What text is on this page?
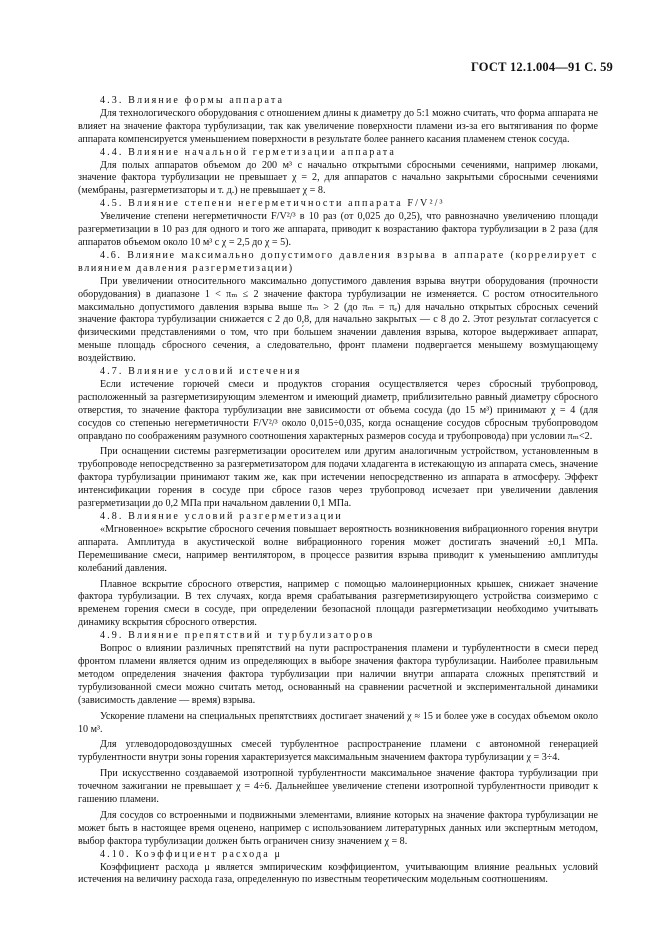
ГОСТ 12.1.004—91 С. 59

4.3. Влияние формы аппарата

Для технологического оборудования с отношением длины к диаметру до 5:1 можно считать, что форма аппарата не влияет на значение фактора турбулизации, так как увеличение поверхности пламени из-за его вытягивания по форме аппарата компенсируется уменьшением поверхности в результате более раннего касания пламенем стенок сосуда.

4.4. Влияние начальной герметизации аппарата

Для полых аппаратов объемом до 200 м³ с начально открытыми сбросными сечениями, например люками, значение фактора турбулизации не превышает χ = 2, для аппаратов с начально закрытыми сбросными сечениями (мембраны, разгерметизаторы и т. д.) не превышает χ = 8.

4.5. Влияние степени негерметичности аппарата F/V²/³

Увеличение степени негерметичности F/V²/³ в 10 раз (от 0,025 до 0,25), что равнозначно увеличению площади разгерметизации в 10 раз для одного и того же аппарата, приводит к возрастанию фактора турбулизации в 2 раза (для аппаратов объемом около 10 м³ с χ = 2,5 до χ = 5).

4.6. Влияние максимально допустимого давления взрыва в аппарате (коррелирует с влиянием давления разгерметизации)

При увеличении относительного максимально допустимого давления взрыва внутри оборудования (прочности оборудования) в диапазоне 1 < πₘ ≤ 2 значение фактора турбулизации не изменяется. С ростом относительного максимально допустимого давления взрыва выше πₘ > 2 (до πₘ = πₑ) для начально открытых сбросных сечений значение фактора турбулизации снижается с 2 до 0,8, для начально закрытых — с 8 до 2. Этот результат согласуется с физическими представлениями о том, что при бо́льшем значении давления взрыва, которое выдерживает аппарат, меньше площадь сбросного сечения, а следовательно, фронт пламени подвергается меньшему возмущающему воздействию.

4.7. Влияние условий истечения

Если истечение горючей смеси и продуктов сгорания осуществляется через сбросный трубопровод, расположенный за разгерметизирующим элементом и имеющий диаметр, приблизительно равный диаметру сбросного отверстия, то значение фактора турбулизации вне зависимости от объема сосуда (до 15 м³) принимают χ = 4 (для сосудов со степенью негерметичности F/V²/³ около 0,015÷0,035, когда оснащение сосудов сбросным трубопроводом оправдано по соображениям разумного соотношения характерных размеров сосуда и трубопровода) при условии πₘ<2.

При оснащении системы разгерметизации оросителем или другим аналогичным устройством, установленным в трубопроводе непосредственно за разгерметизатором для подачи хладагента в истекающую из аппарата смесь, значение фактора турбулизации принимают таким же, как при истечении непосредственно из аппарата в атмосферу. Эффект интенсификации горения в сосуде при сбросе газов через трубопровод исчезает при увеличении давления разгерметизации до 0,2 МПа при начальном давлении 0,1 МПа.

4.8. Влияние условий разгерметизации

«Мгновенное» вскрытие сбросного сечения повышает вероятность возникновения вибрационного горения внутри аппарата. Амплитуда в акустической волне вибрационного горения может достигать значений ±0,1 МПа. Перемешивание смеси, например вентилятором, в процессе развития взрыва приводит к уменьшению амплитуды колебаний давления.

Плавное вскрытие сбросного отверстия, например с помощью малоинерционных крышек, снижает значение фактора турбулизации. В тех случаях, когда время срабатывания разгерметизирующего устройства соизмеримо с временем горения смеси в сосуде, при определении безопасной площади разгерметизации необходимо учитывать динамику вскрытия сбросного отверстия.

4.9. Влияние препятствий и турбулизаторов

Вопрос о влиянии различных препятствий на пути распространения пламени и турбулентности в смеси перед фронтом пламени является одним из определяющих в выборе значения фактора турбулизации. Наиболее правильным методом определения значения фактора турбулизации при наличии внутри аппарата сложных препятствий и турбулизованной смеси можно считать метод, основанный на сравнении расчетной и экспериментальной динамики (зависимость давление — время) взрыва.

Ускорение пламени на специальных препятствиях достигает значений χ ≈ 15 и более уже в сосудах объемом около 10 м³.

Для углеводородовоздушных смесей турбулентное распространение пламени с автономной генерацией турбулентности внутри зоны горения характеризуется максимальным значением фактора турбулизации χ = 3÷4.

При искусственно создаваемой изотропной турбулентности максимальное значение фактора турбулизации при точечном зажигании не превышает χ = 4÷6. Дальнейшее увеличение степени изотропной турбулентности приводит к гашению пламени.

Для сосудов со встроенными и подвижными элементами, влияние которых на значение фактора турбулизации не может быть в настоящее время оценено, например с использованием литературных данных или экспертным методом, выбор фактора турбулизации должен быть ограничен снизу значением χ = 8.

4.10. Коэффициент расхода μ

Коэффициент расхода μ является эмпирическим коэффициентом, учитывающим влияние реальных условий истечения на величину расхода газа, определенную по известным теоретическим модельным соотношениям.
